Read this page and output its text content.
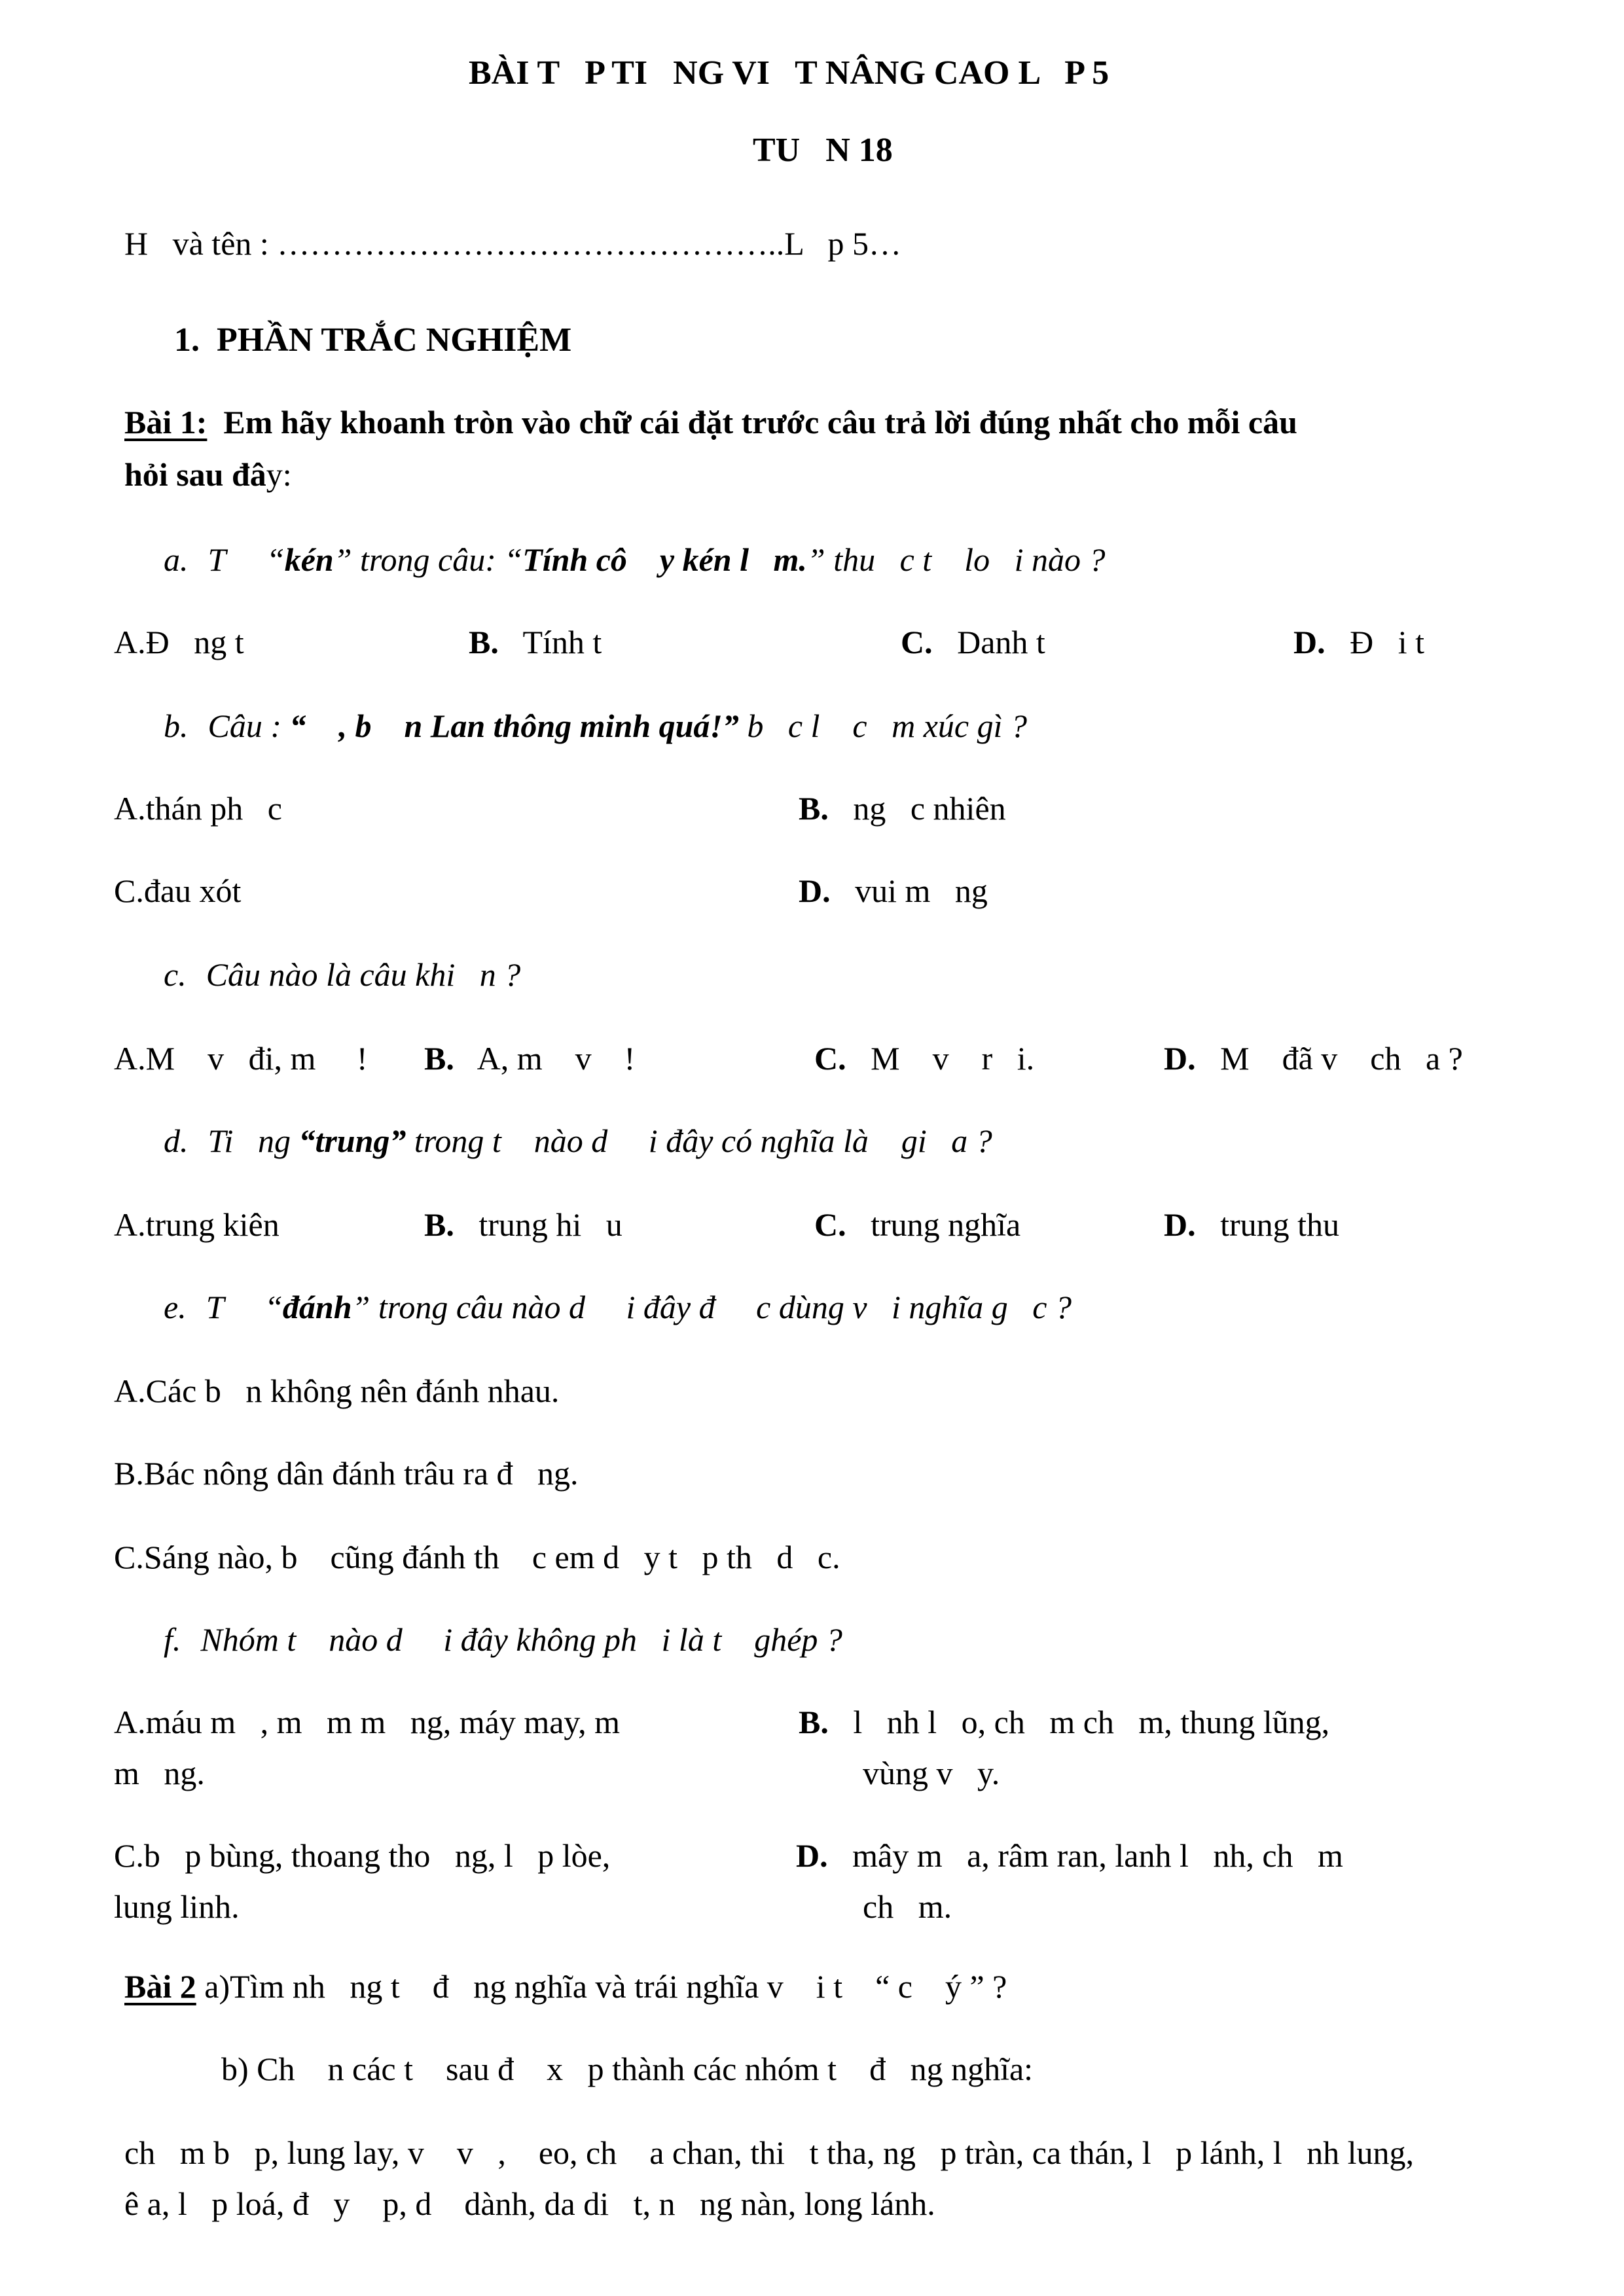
BÀI T   P TI   NG VI   T NÂNG CAO L   P 5
TU   N 18
H   và tên : ………………………………………..L   p 5…
1.  PHẦN TRẮC NGHIỆM
Bài 1:  Em hãy khoanh tròn vào chữ cái đặt trước câu trả lời đúng nhất cho mỗi câu
hỏi sau đây:
a. T     “kén” trong câu: “Tính cô    y kén l   m.” thu   c t    lo   i nào ?
A.Đ   ng t	B. Tính t	C. Danh t	D. Đ   i t
b. Câu : “    , b    n Lan thông minh quá!” b   c l    c   m xúc gì ?
A.thán ph   c	B. ng   c nhiên
C.đau xót	D. vui m   ng
c. Câu nào là câu khi   n ?
A.M    v   đi, m     ! B. A, m    v    !	C. M    v    r   i.	D. M    đã v    ch   a ?
d. Ti   ng “trung” trong t    nào d     i đây có nghĩa là    gi   a ?
A.trung kiên	B. trung hi   u	C. trung nghĩa	D. trung thu
e. T     “đánh” trong câu nào d     i đây đ     c dùng v   i nghĩa g   c ?
A.Các b   n không nên đánh nhau.
B.Bác nông dân đánh trâu ra đ   ng.
C.Sáng nào, b    cũng đánh th    c em d   y t   p th   d   c.
f. Nhóm t    nào d     i đây không ph   i là t    ghép ?
A.máu m   , m   m m   ng, máy may, m
m   ng.
B. l   nh l   o, ch   m ch   m, thung lũng,
vùng v   y.
C.b   p bùng, thoang tho   ng, l   p lòe,
lung linh.
D. mây m   a, râm ran, lanh l   nh, ch   m
ch   m.
Bài 2 a)Tìm nh   ng t    đ   ng nghĩa và trái nghĩa v    i t    “ c    ý ” ?
b) Ch    n các t    sau đ    x   p thành các nhóm t    đ   ng nghĩa:
ch   m b   p, lung lay, v    v   ,    eo, ch    a chan, thi   t tha, ng   p tràn, ca thán, l   p lánh, l   nh lung,
ê a, l   p loá, đ   y    p, d    dành, da di   t, n   ng nàn, long lánh.
